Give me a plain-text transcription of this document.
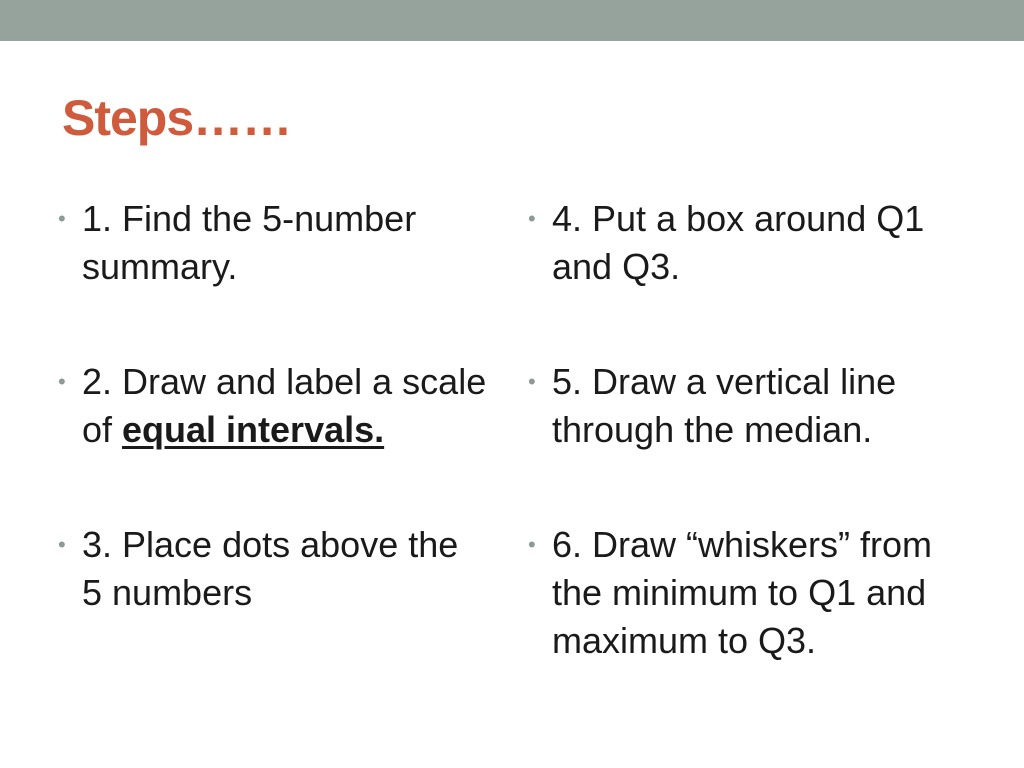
Steps……
• 1. Find the 5-number summary.
• 2. Draw and label a scale of equal intervals.
• 3. Place dots above the 5 numbers
• 4. Put a box around Q1 and Q3.
• 5. Draw a vertical line through the median.
• 6. Draw “whiskers” from the minimum to Q1 and maximum to Q3.
